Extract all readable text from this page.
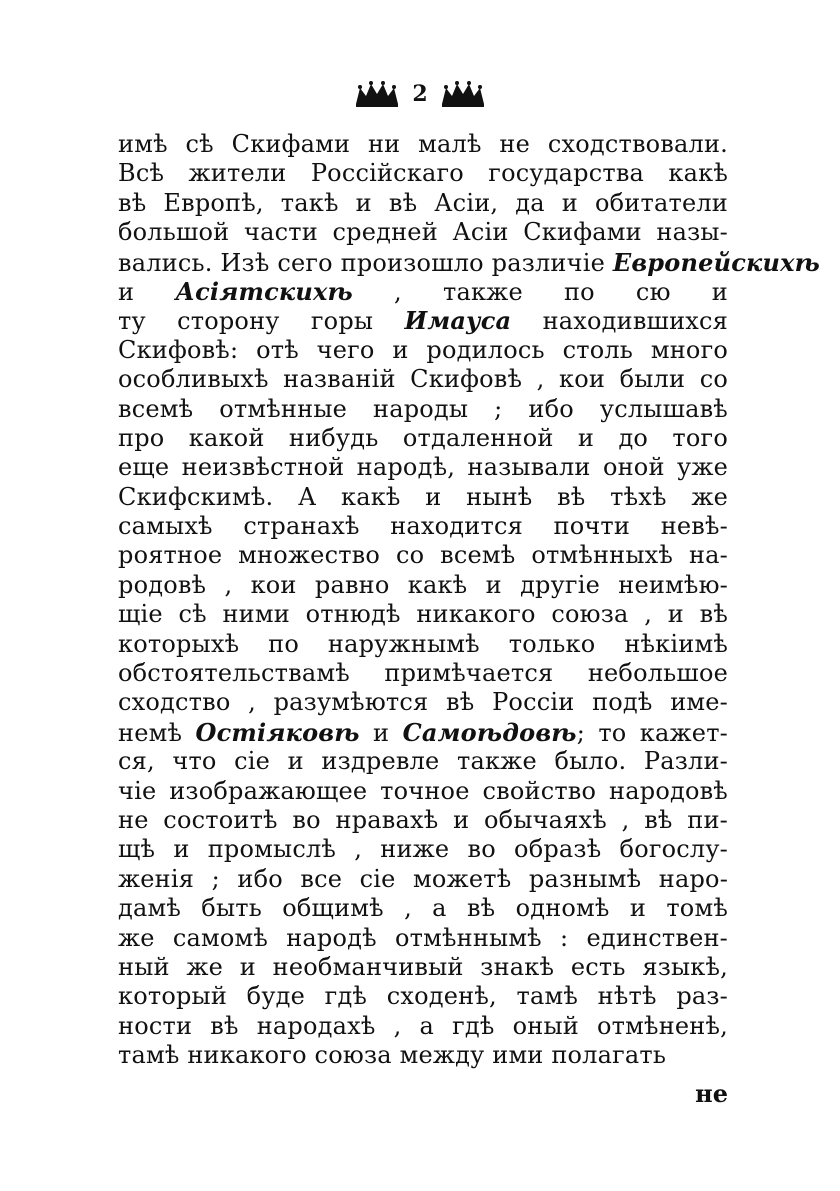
2
имѣ сѣ Скифами ни малѣ не сходствовали.
Всѣ жители Россійскаго государства какѣ
вѣ Европѣ, такѣ и вѣ Асіи, да и обитатели
большой части средней Асіи Скифами назы-
вались. Изѣ сего произошло различіе Европейскихѣ
и Асіятскихѣ , также по сю и
ту сторону горы Имауса находившихся
Скифовѣ: отѣ чего и родилось столь много
особливыхѣ названій Скифовѣ , кои были со
всемѣ отмѣнные народы ; ибо услышавѣ
про какой нибудь отдаленной и до того
еще неизвѣстной народѣ, называли оной уже
Скифскимѣ. А какѣ и нынѣ вѣ тѣхѣ же
самыхѣ странахѣ находится почти невѣ-
роятное множество со всемѣ отмѣнныхѣ на-
родовѣ , кои равно какѣ и другіе неимѣю-
щіе сѣ ними отнюдѣ никакого союза , и вѣ
которыхѣ по наружнымѣ только нѣкіимѣ
обстоятельствамѣ примѣчается небольшое
сходство , разумѣются вѣ Россіи подѣ име-
немѣ Остіяковѣ и Самоѣдовѣ; то кажет-
ся, что сіе и издревле также было. Разли-
чіе изображающее точное свойство народовѣ
не состоитѣ во нравахѣ и обычаяхѣ , вѣ пи-
щѣ и промыслѣ , ниже во образѣ богослу-
женія ; ибо все сіе можетѣ разнымѣ наро-
дамѣ быть общимѣ , а вѣ одномѣ и томѣ
же самомѣ народѣ отмѣннымѣ : единствен-
ный же и необманчивый знакѣ есть языкѣ,
который буде гдѣ сходенѣ, тамѣ нѣтѣ раз-
ности вѣ народахѣ , а гдѣ оный отмѣненѣ,
тамѣ никакого союза между ими полагать
не
